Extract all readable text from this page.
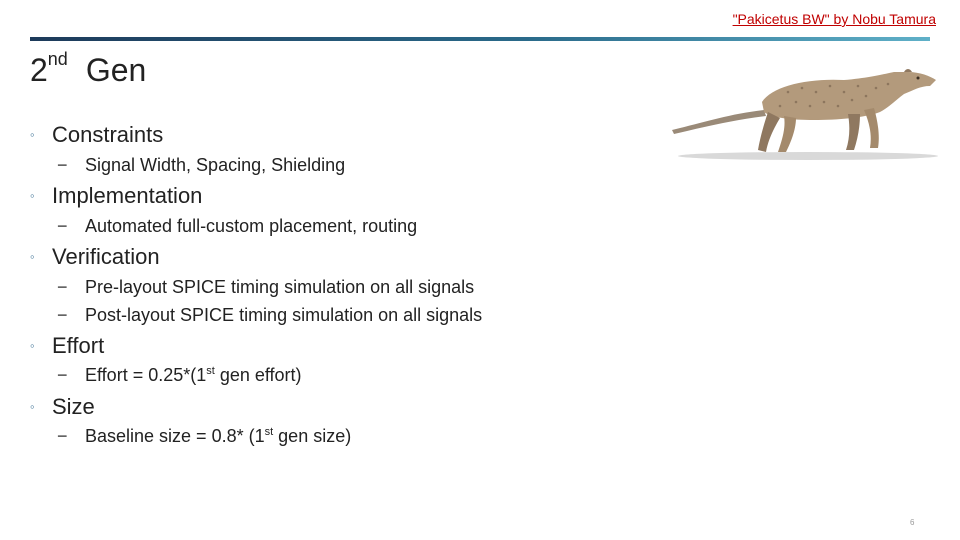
"Pakicetus BW" by Nobu Tamura
2nd Gen
◦ Constraints
− Signal Width, Spacing, Shielding
◦ Implementation
− Automated full-custom placement, routing
◦ Verification
− Pre-layout SPICE timing simulation on all signals
− Post-layout SPICE timing simulation on all signals
◦ Effort
− Effort = 0.25*(1st gen effort)
◦ Size
− Baseline size = 0.8* (1st gen size)
6
